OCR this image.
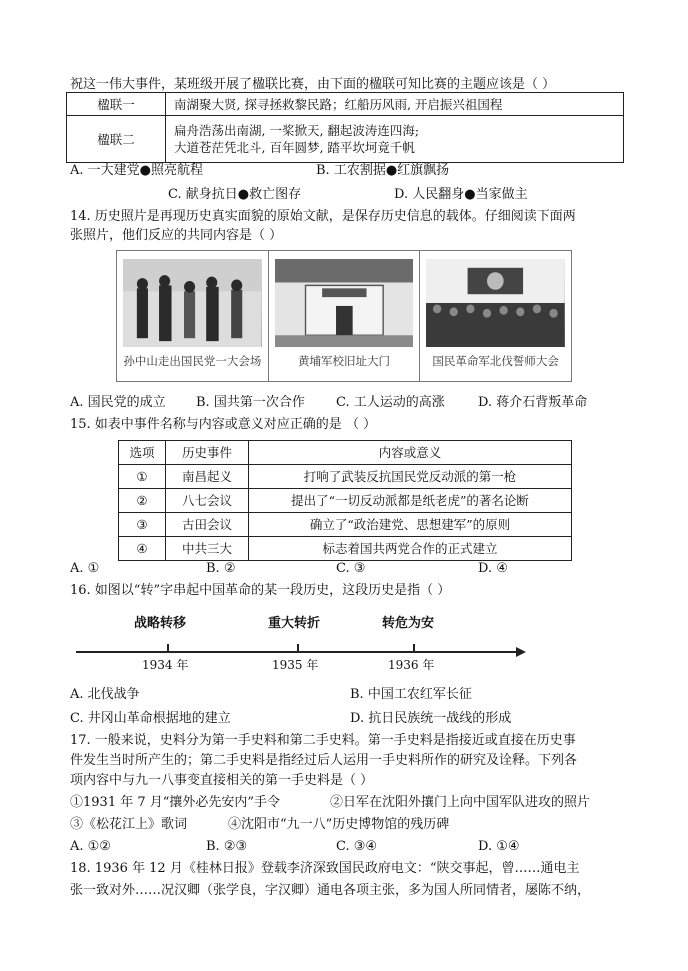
祝这一伟大事件，某班级开展了楹联比赛，由下面的楹联可知比赛的主题应该是（ ）
楹联一	南湖聚大贤, 探寻拯救黎民路；红船历风雨, 开启振兴祖国程
楹联二	扁舟浩荡出南湖, 一桨掀天, 翻起波涛连四海;
大道苍茫凭北斗, 百年圆梦, 踏平坎坷竟千帆
A. 一大建党●照亮航程	B. 工农割据●红旗飘扬
C. 献身抗日●救亡图存	D. 人民翻身●当家做主
14. 历史照片是再现历史真实面貌的原始文献，是保存历史信息的载体。仔细阅读下面两
张照片，他们反应的共同内容是（ ）
孙中山走出国民党一大会场	黄埔军校旧址大门	国民革命军北伐誓师大会
A. 国民党的成立 B. 国共第一次合作 C. 工人运动的高涨	D. 蒋介石背叛革命
15. 如表中事件名称与内容或意义对应正确的是 （ ）
选项	历史事件	内容或意义
①	南昌起义	打响了武装反抗国民党反动派的第一枪
②	八七会议	提出了“一切反动派都是纸老虎”的著名论断
③	古田会议	确立了“政治建党、思想建军”的原则
④	中共三大	标志着国共两党合作的正式建立
A. ①	B. ②	C. ③	D. ④
16. 如图以“转”字串起中国革命的某一段历史，这段历史是指（ ）
战略转移	重大转折	转危为安
1934 年	1935 年	1936 年
A. 北伐战争	B. 中国工农红军长征
C. 井冈山革命根据地的建立	D. 抗日民族统一战线的形成
17. 一般来说，史料分为第一手史料和第二手史料。第一手史料是指接近或直接在历史事
件发生当时所产生的；第二手史料是指经过后人运用一手史料所作的研究及诠释。下列各
项内容中与九一八事变直接相关的第一手史料是（ ）
①1931 年 7 月“攘外必先安内”手令	②日军在沈阳外攘门上向中国军队进攻的照片
③《松花江上》歌词	④沈阳市“九一八”历史博物馆的残历碑
A. ①②	B. ②③	C. ③④	D. ①④
18. 1936 年 12 月《桂林日报》登载李济深致国民政府电文：“陕交事起，曾……通电主
张一致对外……况汉卿（张学良，字汉卿）通电各项主张，多为国人所同情者，屡陈不纳，
